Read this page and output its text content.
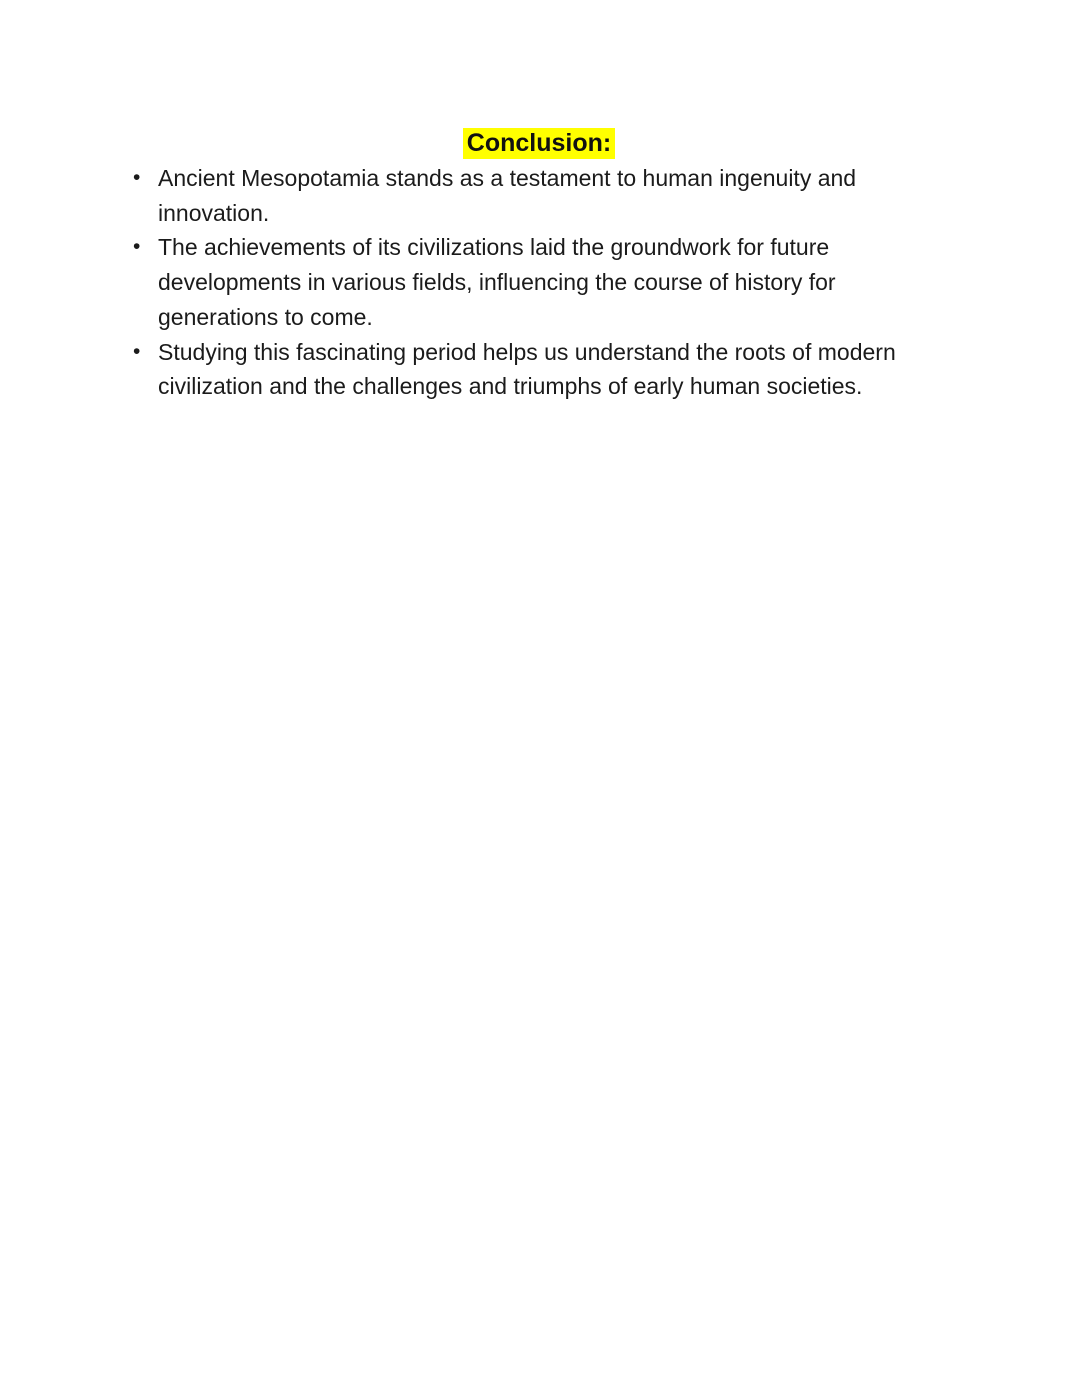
Conclusion:
• Ancient Mesopotamia stands as a testament to human ingenuity and innovation.
• The achievements of its civilizations laid the groundwork for future developments in various fields, influencing the course of history for generations to come.
• Studying this fascinating period helps us understand the roots of modern civilization and the challenges and triumphs of early human societies.
